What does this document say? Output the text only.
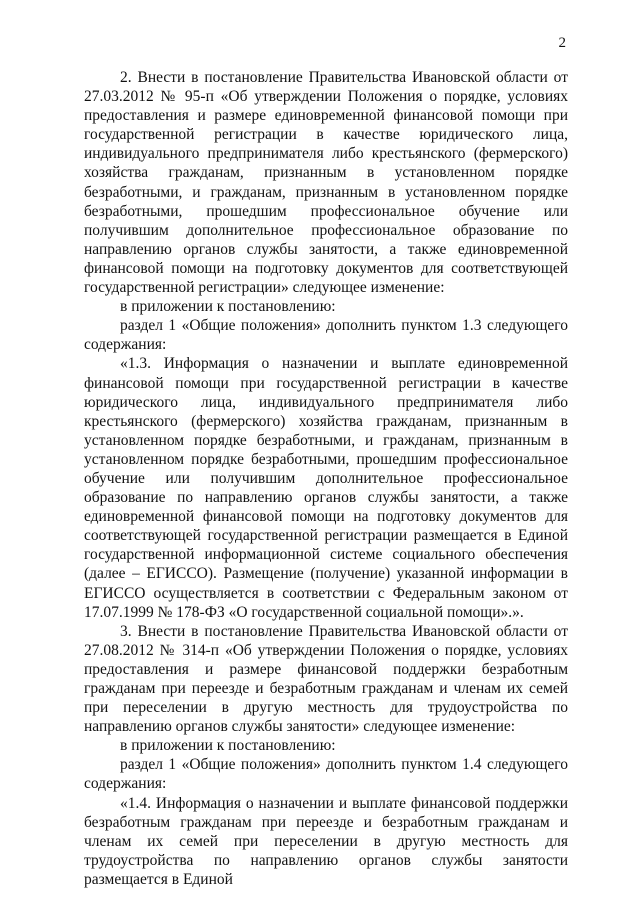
2

2. Внести в постановление Правительства Ивановской области от 27.03.2012 № 95-п «Об утверждении Положения о порядке, условиях предоставления и размере единовременной финансовой помощи при государственной регистрации в качестве юридического лица, индивидуального предпринимателя либо крестьянского (фермерского) хозяйства гражданам, признанным в установленном порядке безработными, и гражданам, признанным в установленном порядке безработными, прошедшим профессиональное обучение или получившим дополнительное профессиональное образование по направлению органов службы занятости, а также единовременной финансовой помощи на подготовку документов для соответствующей государственной регистрации» следующее изменение:

в приложении к постановлению:

раздел 1 «Общие положения» дополнить пунктом 1.3 следующего содержания:

«1.3. Информация о назначении и выплате единовременной финансовой помощи при государственной регистрации в качестве юридического лица, индивидуального предпринимателя либо крестьянского (фермерского) хозяйства гражданам, признанным в установленном порядке безработными, и гражданам, признанным в установленном порядке безработными, прошедшим профессиональное обучение или получившим дополнительное профессиональное образование по направлению органов службы занятости, а также единовременной финансовой помощи на подготовку документов для соответствующей государственной регистрации размещается в Единой государственной информационной системе социального обеспечения (далее – ЕГИССО). Размещение (получение) указанной информации в ЕГИССО осуществляется в соответствии с Федеральным законом от 17.07.1999 № 178-ФЗ «О государственной социальной помощи».».

3. Внести в постановление Правительства Ивановской области от 27.08.2012 № 314-п «Об утверждении Положения о порядке, условиях предоставления и размере финансовой поддержки безработным гражданам при переезде и безработным гражданам и членам их семей при переселении в другую местность для трудоустройства по направлению органов службы занятости» следующее изменение:

в приложении к постановлению:

раздел 1 «Общие положения» дополнить пунктом 1.4 следующего содержания:

«1.4. Информация о назначении и выплате финансовой поддержки безработным гражданам при переезде и безработным гражданам и членам их семей при переселении в другую местность для трудоустройства по направлению органов службы занятости размещается в Единой
